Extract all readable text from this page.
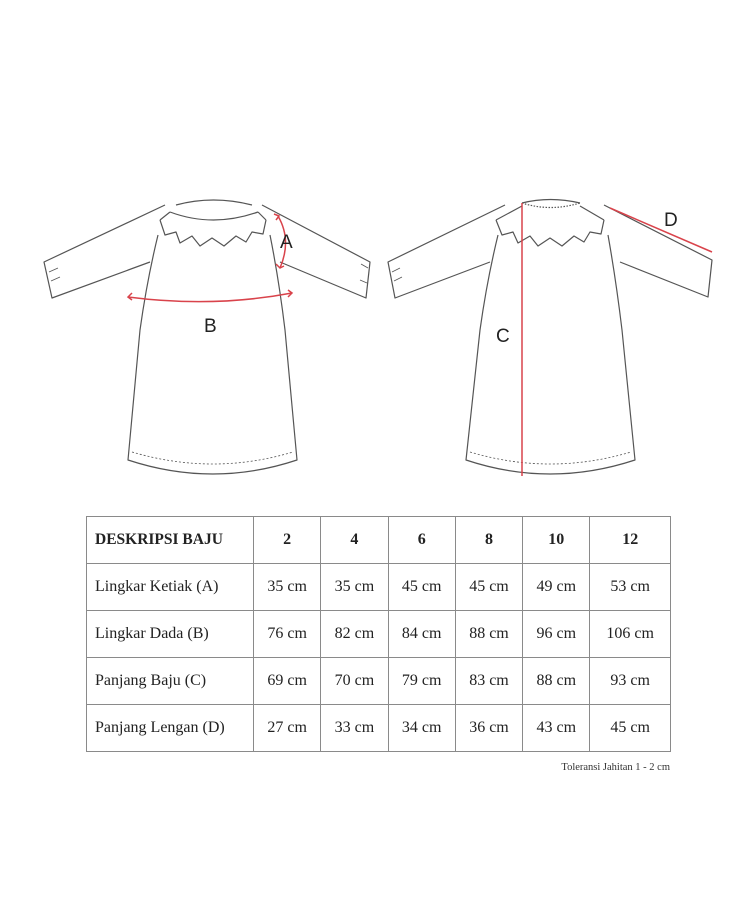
A
B	C
D
DESKRIPSI BAJU	2	4	6	8	10	12
Lingkar Ketiak (A)	35 cm	35 cm	45 cm	45 cm	49 cm	53 cm
Lingkar Dada (B)	76 cm	82 cm	84 cm	88 cm	96 cm	106 cm
Panjang Baju (C)	69 cm	70 cm	79 cm	83 cm	88 cm	93 cm
Panjang Lengan (D)	27 cm	33 cm	34 cm	36 cm	43 cm	45 cm
Toleransi Jahitan 1 - 2 cm
